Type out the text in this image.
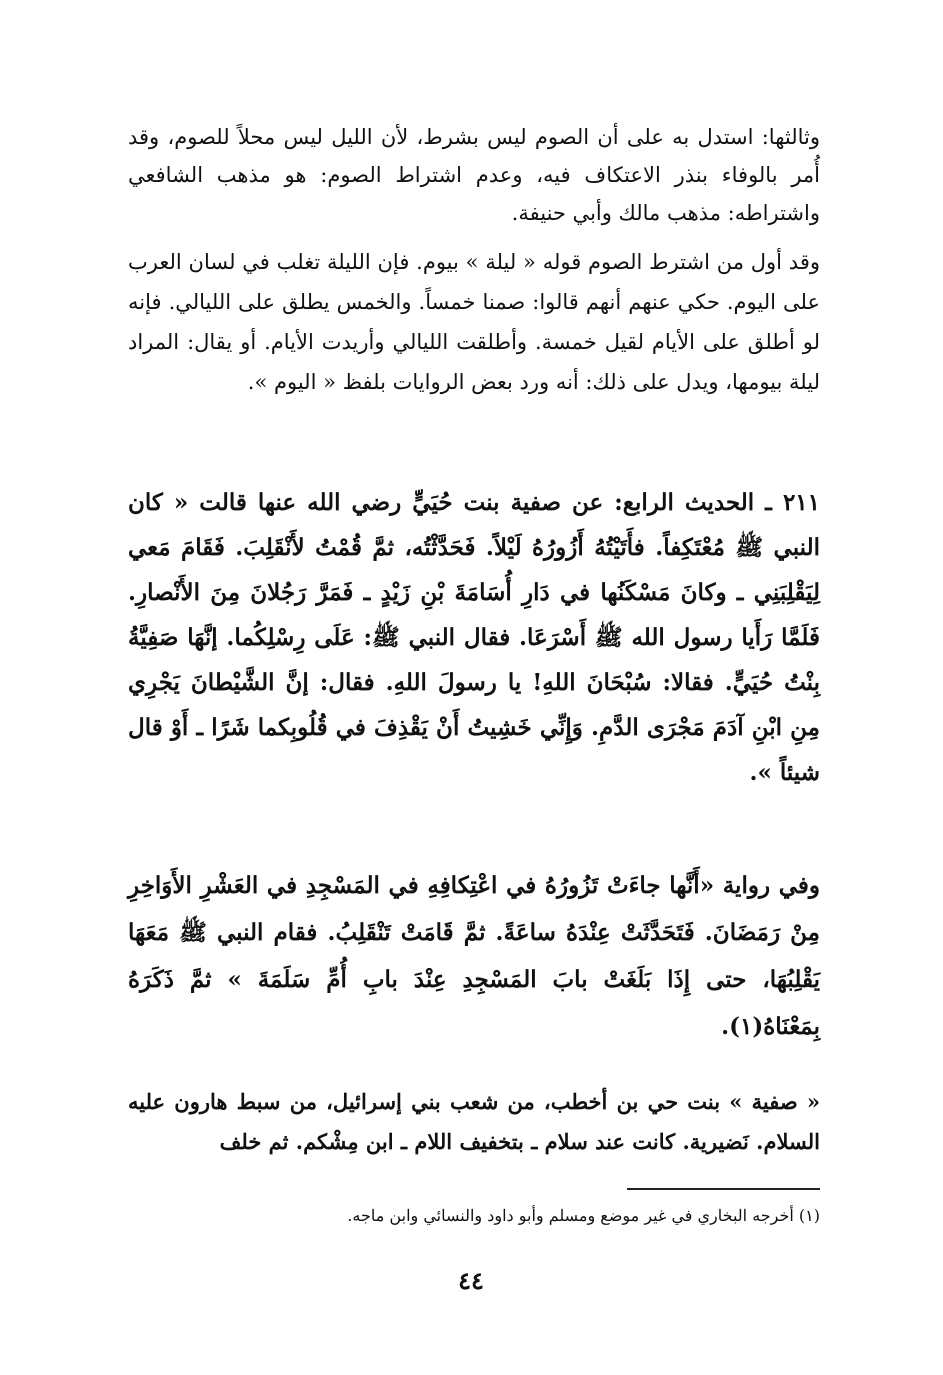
وثالثها: استدل به على أن الصوم ليس بشرط، لأن الليل ليس محلاً للصوم، وقد أُمر بالوفاء بنذر الاعتكاف فيه، وعدم اشتراط الصوم: هو مذهب الشافعي واشتراطه: مذهب مالك وأبي حنيفة.

وقد أول من اشترط الصوم قوله « ليلة » بيوم. فإن الليلة تغلب في لسان العرب على اليوم. حكي عنهم أنهم قالوا: صمنا خمساً. والخمس يطلق على الليالي. فإنه لو أطلق على الأيام لقيل خمسة. وأطلقت الليالي وأريدت الأيام. أو يقال: المراد ليلة بيومها، ويدل على ذلك: أنه ورد بعض الروايات بلفظ « اليوم ».

٢١١ ـ الحديث الرابع: عن صفية بنت حُيَيٍّ رضي الله عنها قالت « كان النبي ﷺ مُعْتَكِفاً. فأَتَيْتُهُ أَزُورُهُ لَيْلاً. فَحَدَّثْتُه، ثمَّ قُمْتُ لأَنْقَلِبَ. فَقَامَ مَعي لِيَقْلِبَنِي ـ وكانَ مَسْكَنُها في دَارِ أُسَامَةَ بْنِ زَيْدٍ ـ فَمَرَّ رَجُلانَ مِنَ الأَنْصارِ. فَلَمَّا رَأَيا رسول الله ﷺ أَسْرَعَا. فقال النبي ﷺ: عَلَى رِسْلِكُما. إنَّهَا صَفِيَّةُ بِنْتُ حُيَيٍّ. فقالا: سُبْحَانَ اللهِ! يا رسولَ اللهِ. فقال: إنَّ الشَّيْطانَ يَجْرِي مِنِ ابْنِ آدَمَ مَجْرَى الدَّمِ. وَإِنِّي خَشِيتُ أَنْ يَقْذِفَ في قُلُوبِكما شَرًا ـ أَوْ قال شيئاً ».

وفي رواية «أَنَّها جاءَتْ تَزُورُهُ في اعْتِكافِهِ في المَسْجِدِ في العَشْرِ الأَوَاخِرِ مِنْ رَمَضَانَ. فَتَحَدَّثَتْ عِنْدَهُ ساعَةً. ثمَّ قَامَتْ تَنْقَلِبُ. فقام النبي ﷺ مَعَهَا يَقْلِبُهَا، حتى إِذَا بَلَغَتْ بابَ المَسْجِدِ عِنْدَ بابِ أُمِّ سَلَمَةَ » ثمَّ ذَكَرَهُ بِمَعْنَاهُ(١).

« صفية » بنت حي بن أخطب، من شعب بني إسرائيل، من سبط هارون عليه السلام. نَضيرية. كانت عند سلام ـ بتخفيف اللام ـ ابن مِشْكم. ثم خلف

(١) أخرجه البخاري في غير موضع ومسلم وأبو داود والنسائي وابن ماجه.
٤٤
